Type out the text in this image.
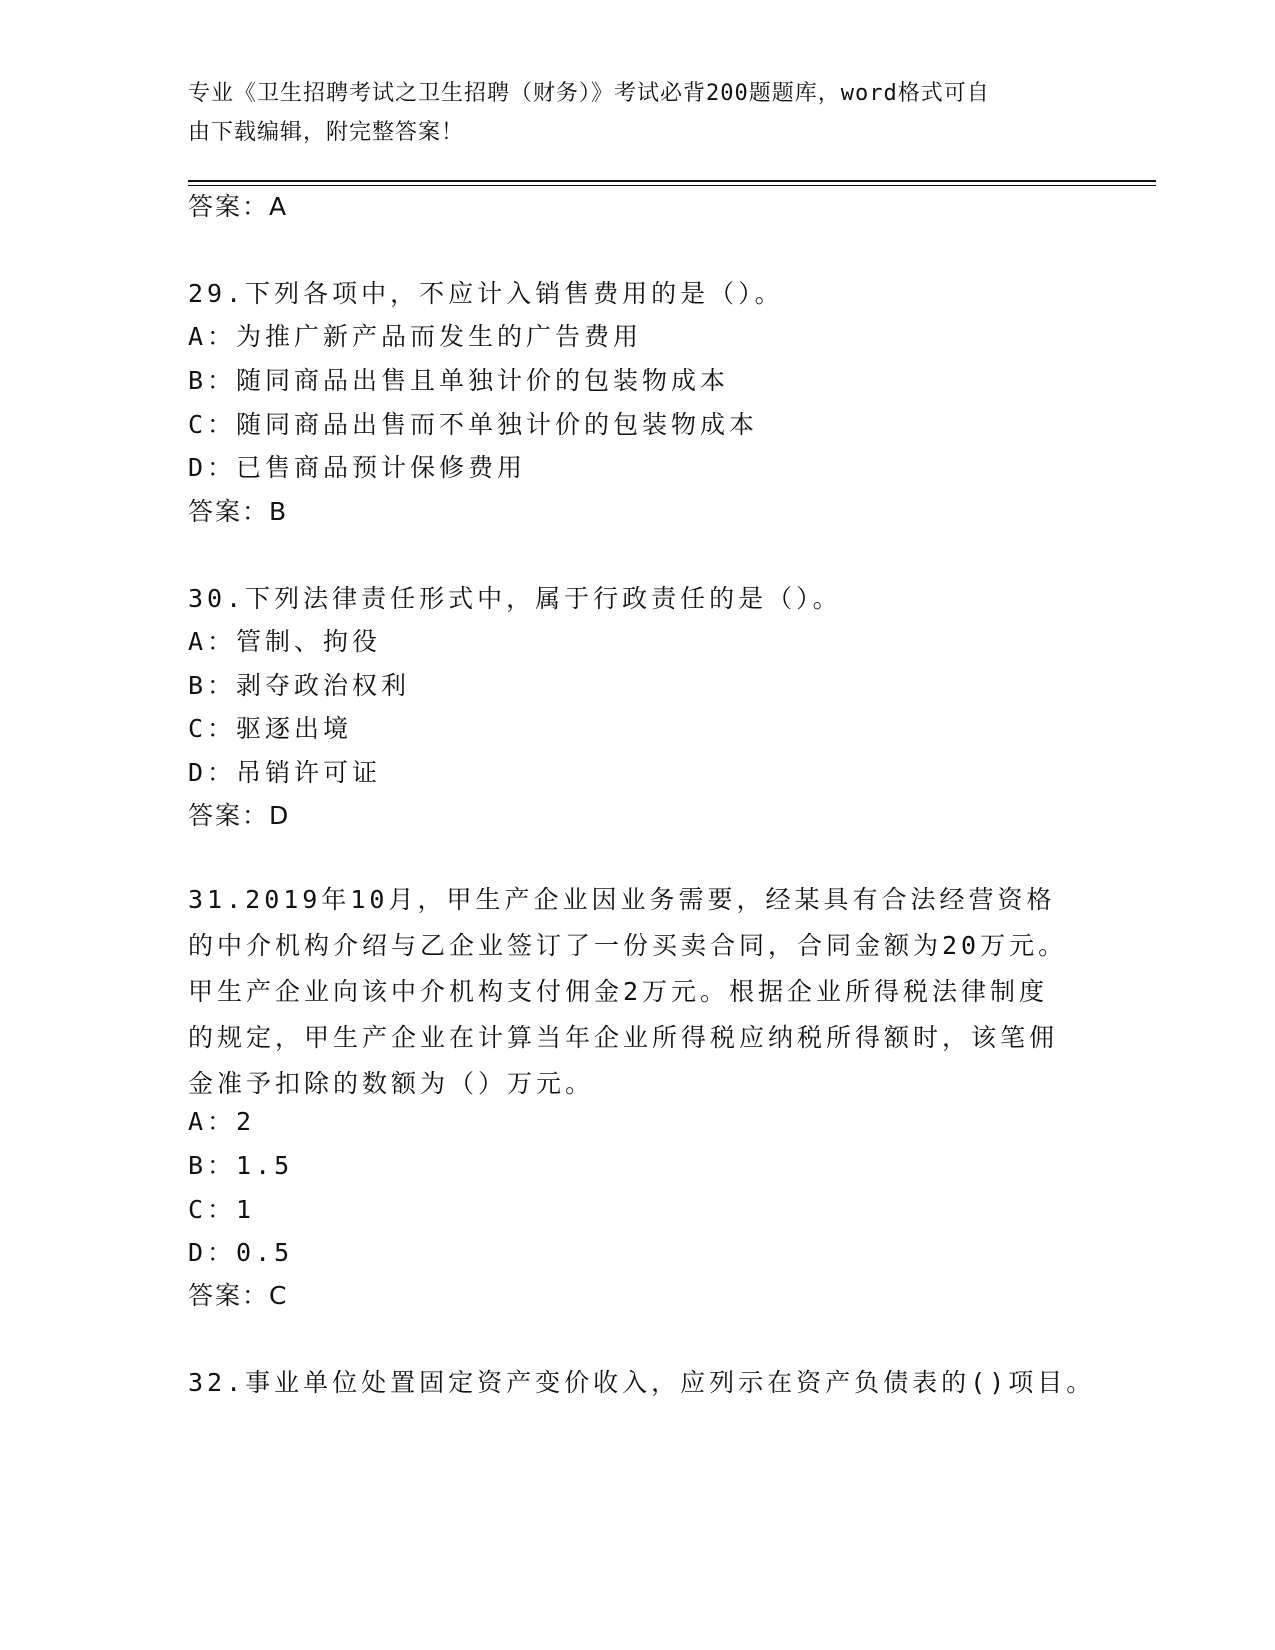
专业《卫生招聘考试之卫生招聘（财务）》考试必背200题题库，word格式可自
由下载编辑，附完整答案！
答案：A
29.下列各项中，不应计入销售费用的是（）。
A：为推广新产品而发生的广告费用
B：随同商品出售且单独计价的包装物成本
C：随同商品出售而不单独计价的包装物成本
D：已售商品预计保修费用
答案：B
30.下列法律责任形式中，属于行政责任的是（）。
A：管制、拘役
B：剥夺政治权利
C：驱逐出境
D：吊销许可证
答案：D
31.2019年10月，甲生产企业因业务需要，经某具有合法经营资格的中介机构介绍与乙企业签订了一份买卖合同，合同金额为20万元。甲生产企业向该中介机构支付佣金2万元。根据企业所得税法律制度的规定，甲生产企业在计算当年企业所得税应纳税所得额时，该笔佣金准予扣除的数额为（）万元。
A：2
B：1.5
C：1
D：0.5
答案：C
32.事业单位处置固定资产变价收入，应列示在资产负债表的()项目。
